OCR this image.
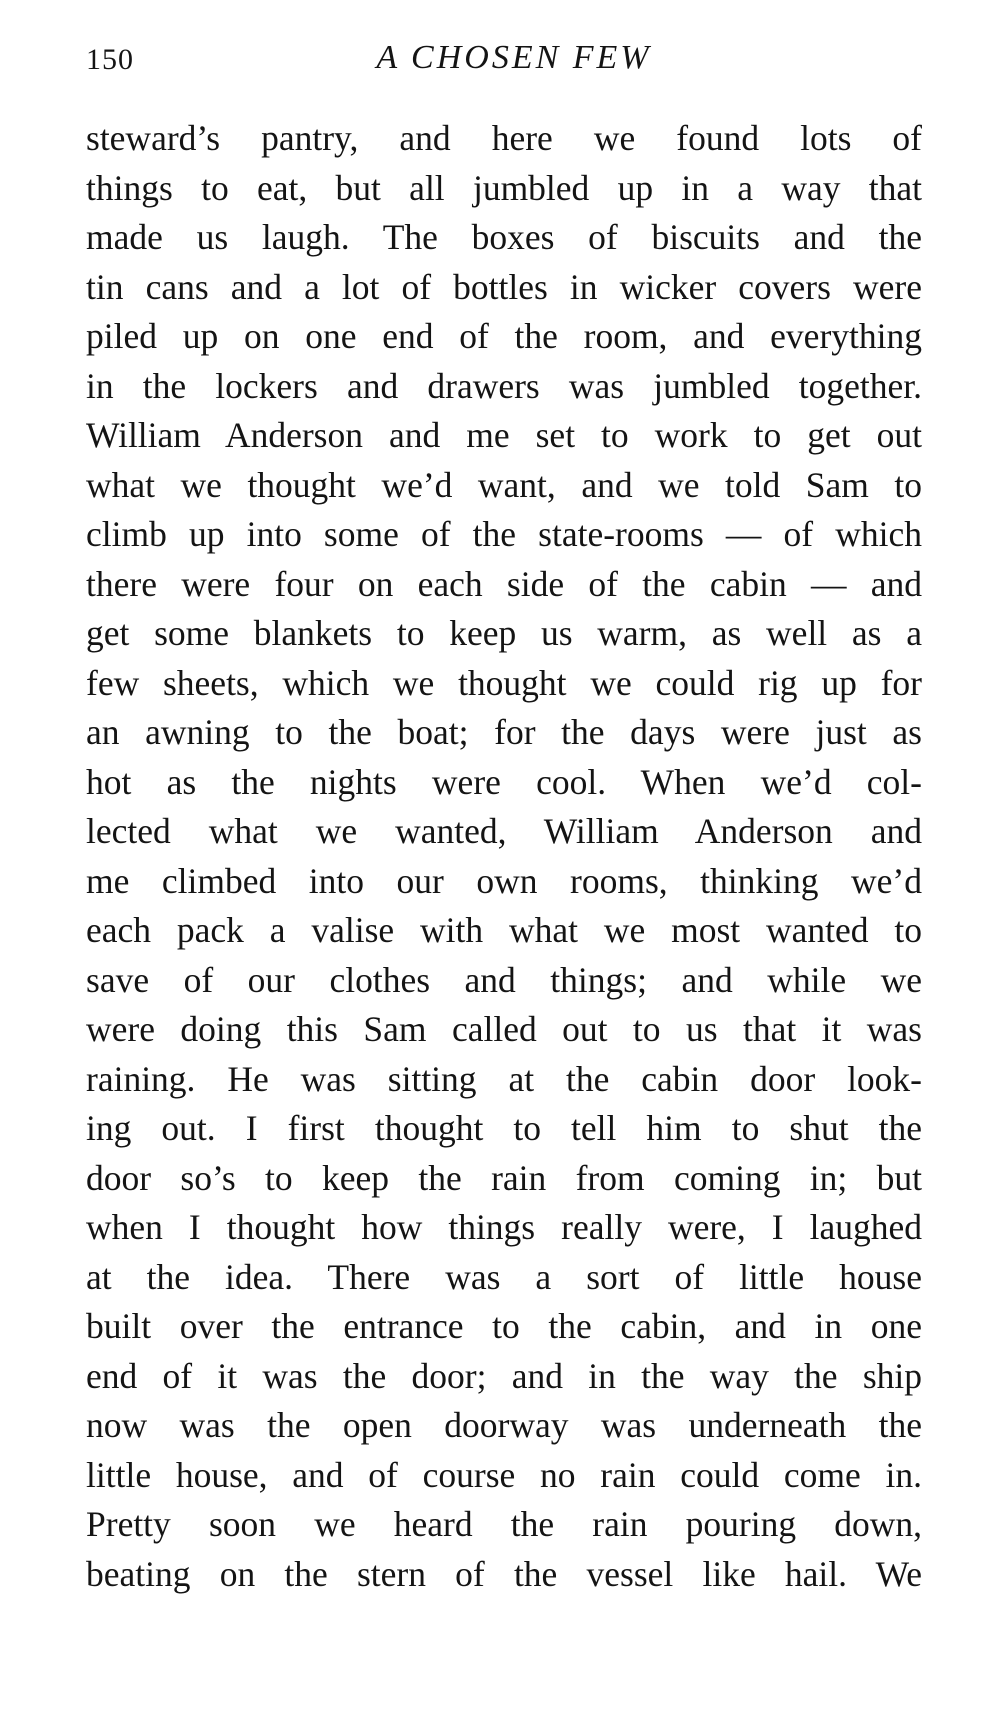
150	A CHOSEN FEW
steward’s pantry, and here we found lots of
things to eat, but all jumbled up in a way that
made us laugh. The boxes of biscuits and the
tin cans and a lot of bottles in wicker covers were
piled up on one end of the room, and everything
in the lockers and drawers was jumbled together.
William Anderson and me set to work to get out
what we thought we’d want, and we told Sam to
climb up into some of the state-rooms — of which
there were four on each side of the cabin — and
get some blankets to keep us warm, as well as a
few sheets, which we thought we could rig up for
an awning to the boat; for the days were just as
hot as the nights were cool. When we’d col-
lected what we wanted, William Anderson and
me climbed into our own rooms, thinking we’d
each pack a valise with what we most wanted to
save of our clothes and things; and while we
were doing this Sam called out to us that it was
raining. He was sitting at the cabin door look-
ing out. I first thought to tell him to shut the
door so’s to keep the rain from coming in; but
when I thought how things really were, I laughed
at the idea. There was a sort of little house
built over the entrance to the cabin, and in one
end of it was the door; and in the way the ship
now was the open doorway was underneath the
little house, and of course no rain could come in.
Pretty soon we heard the rain pouring down,
beating on the stern of the vessel like hail. We
